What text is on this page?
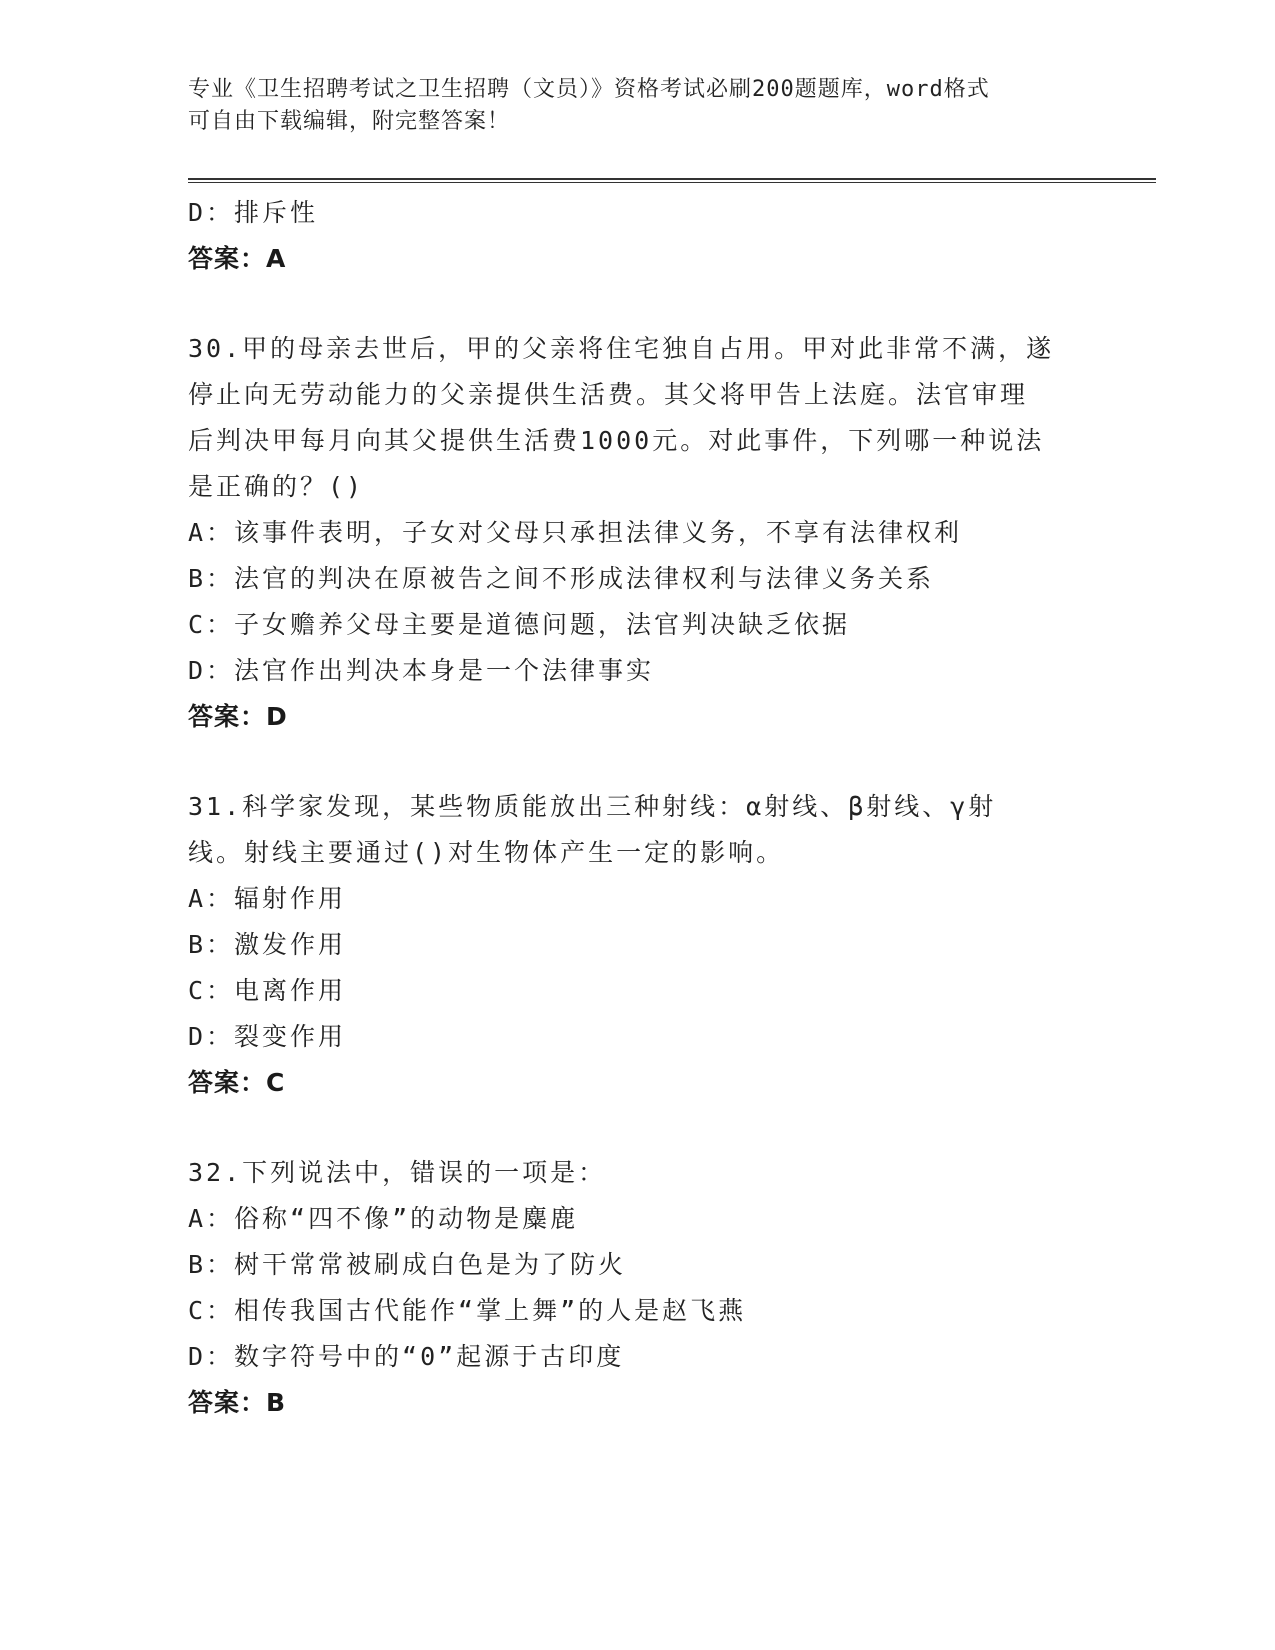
专业《卫生招聘考试之卫生招聘（文员）》资格考试必刷200题题库，word格式
可自由下载编辑，附完整答案！
D：排斥性
答案：A
30.甲的母亲去世后，甲的父亲将住宅独自占用。甲对此非常不满，遂
停止向无劳动能力的父亲提供生活费。其父将甲告上法庭。法官审理
后判决甲每月向其父提供生活费1000元。对此事件，下列哪一种说法
是正确的？()
A：该事件表明，子女对父母只承担法律义务，不享有法律权利
B：法官的判决在原被告之间不形成法律权利与法律义务关系
C：子女赡养父母主要是道德问题，法官判决缺乏依据
D：法官作出判决本身是一个法律事实
答案：D
31.科学家发现，某些物质能放出三种射线：α射线、β射线、γ射
线。射线主要通过()对生物体产生一定的影响。
A：辐射作用
B：激发作用
C：电离作用
D：裂变作用
答案：C
32.下列说法中，错误的一项是：
A：俗称“四不像”的动物是麋鹿
B：树干常常被刷成白色是为了防火
C：相传我国古代能作“掌上舞”的人是赵飞燕
D：数字符号中的“0”起源于古印度
答案：B
